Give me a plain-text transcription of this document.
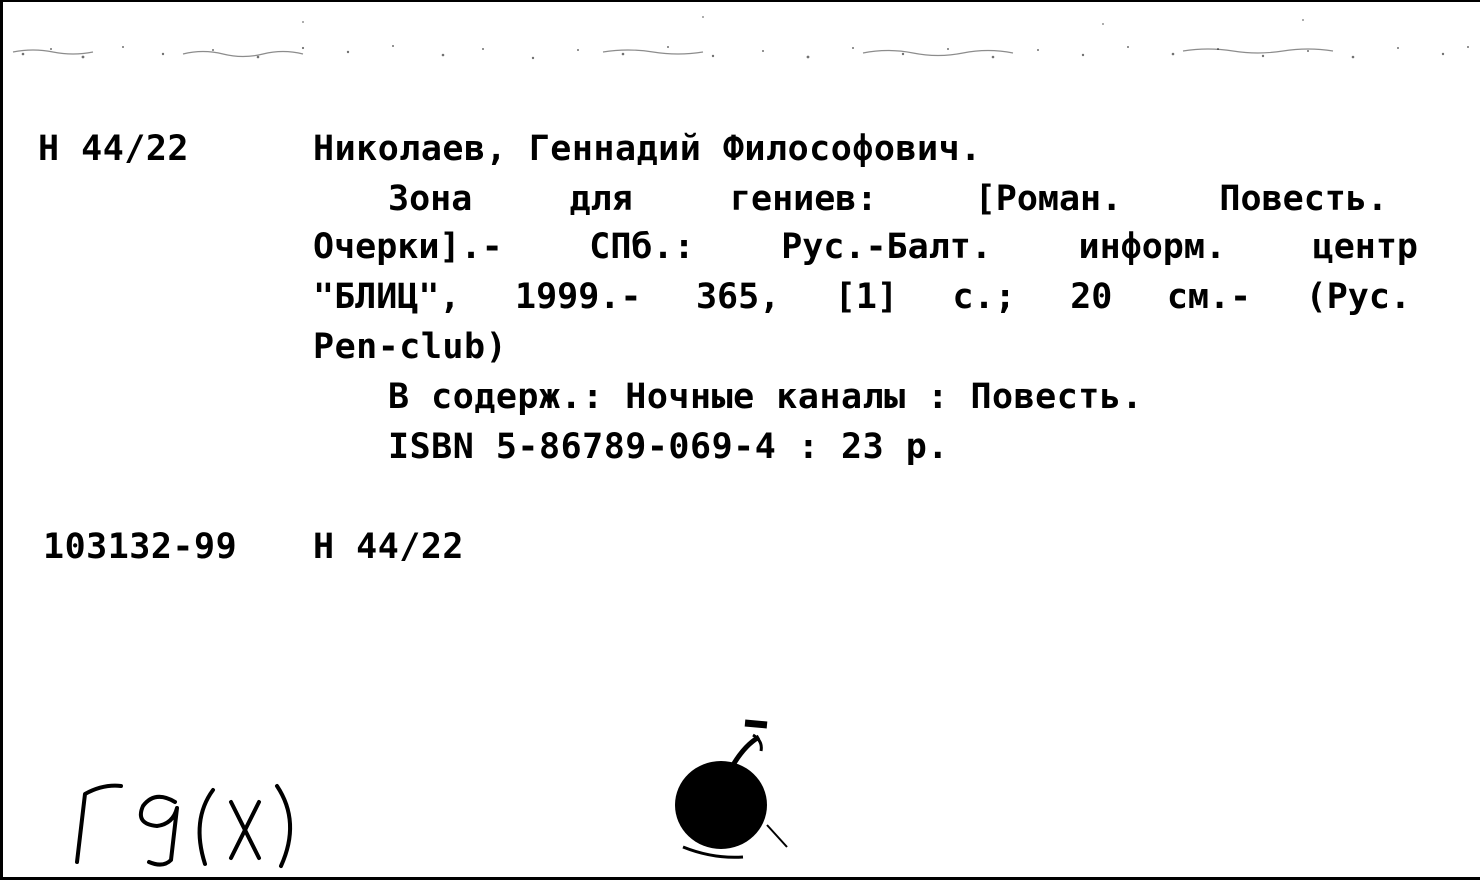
Н 44/22	Николаев, Геннадий Философович.
Зона	для	гениев:	[Роман.	Повесть.
Очерки].- СПб.: Рус.-Балт. информ. центр
"БЛИЦ", 1999.- 365, [1] с.; 20 см.- (Рус.
Pen-club)
В содерж.: Ночные каналы : Повесть.
ISBN 5-86789-069-4 : 23 р.
103132-99 Н 44/22
